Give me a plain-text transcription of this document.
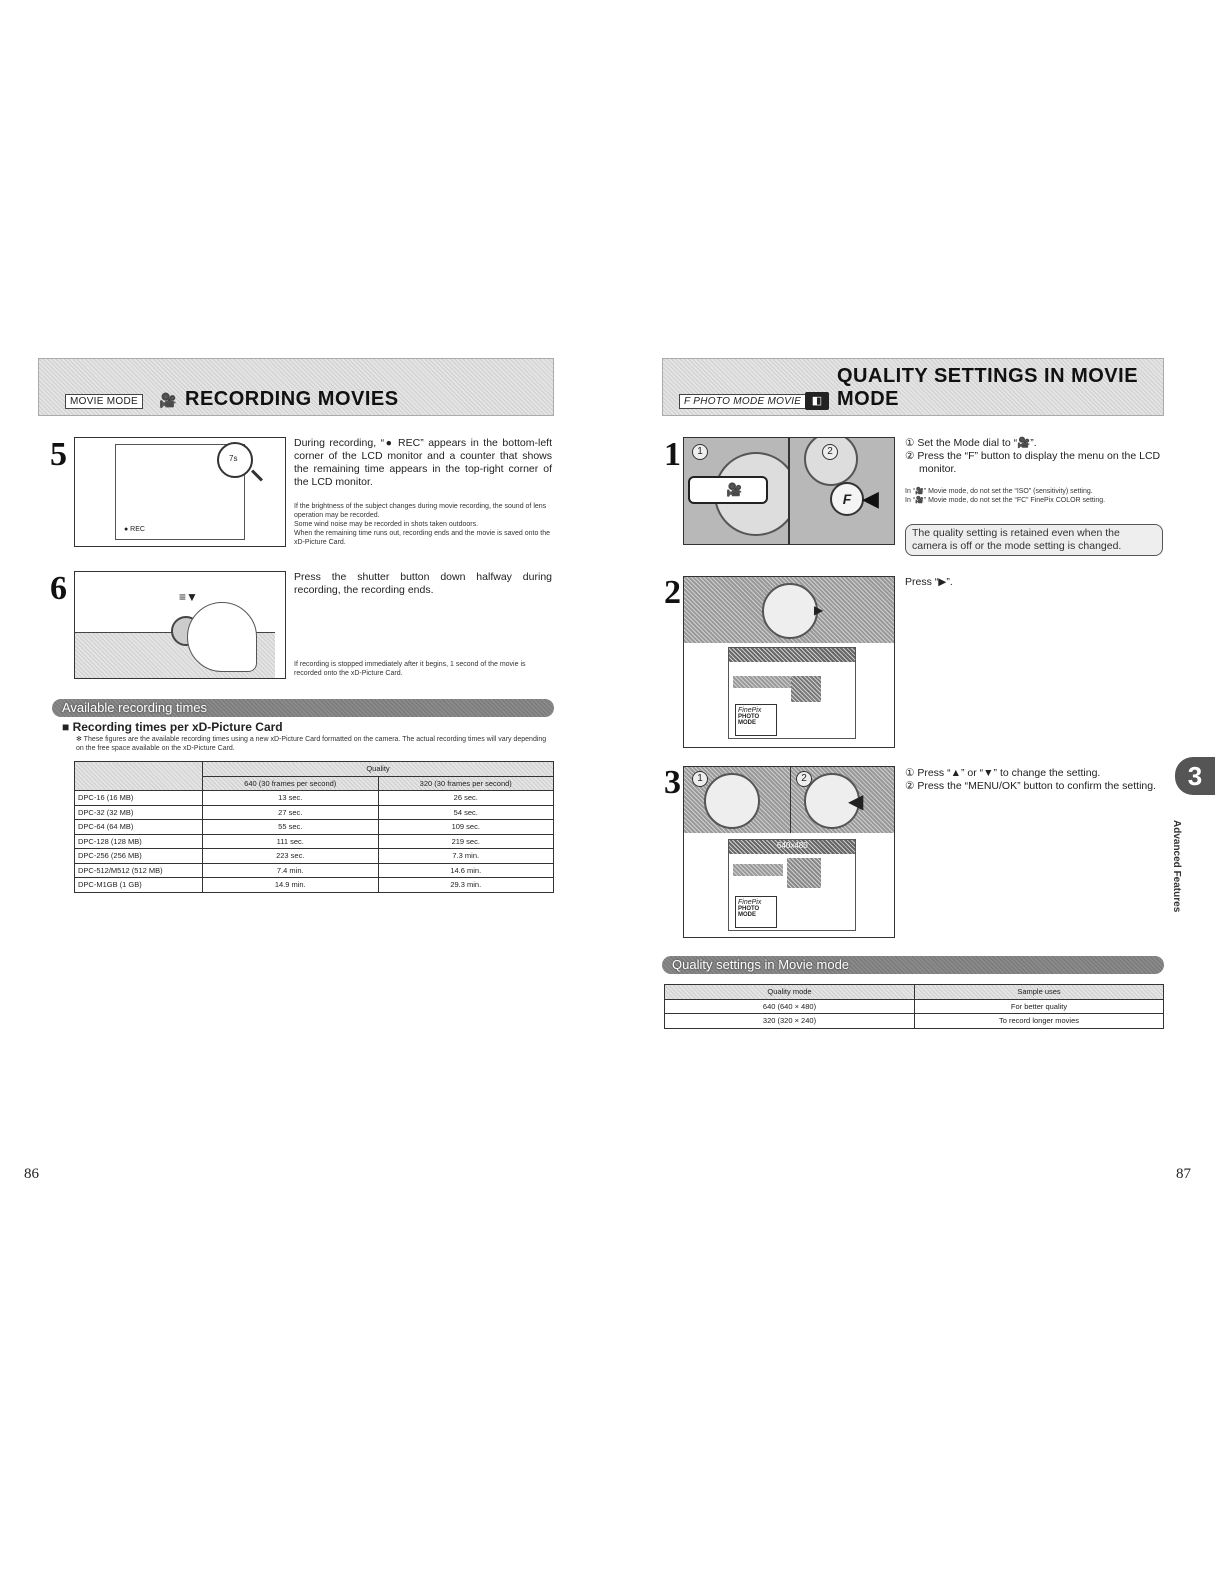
MOVIE MODE	🎥 RECORDING MOVIES
5
● REC
7s
During recording, “● REC” appears in the bottom-left corner of the LCD monitor and a counter that shows the remaining time appears in the top-right corner of the LCD monitor.
If the brightness of the subject changes during movie recording, the sound of lens operation may be recorded.
Some wind noise may be recorded in shots taken outdoors.
When the remaining time runs out, recording ends and the movie is saved onto the xD-Picture Card.
6	≡▼
Press the shutter button down halfway during recording, the recording ends.
If recording is stopped immediately after it begins, 1 second of the movie is recorded onto the xD-Picture Card.
Available recording times
■ Recording times per xD-Picture Card
✻ These figures are the available recording times using a new xD-Picture Card formatted on the camera. The actual recording times will vary depending on the free space available on the xD-Picture Card.
	Quality	
	640 (30 frames per second)	320 (30 frames per second)
DPC-16 (16 MB)	13 sec.	26 sec.
DPC-32 (32 MB)	27 sec.	54 sec.
DPC-64 (64 MB)	55 sec.	109 sec.
DPC-128 (128 MB)	111 sec.	219 sec.
DPC-256 (256 MB)	223 sec.	7.3 min.
DPC-512/M512 (512 MB)	7.4 min.	14.6 min.
DPC-M1GB (1 GB)	14.9 min.	29.3 min.
86
F PHOTO MODE MOVIE ◧
QUALITY SETTINGS IN MOVIE MODE
1
🎥
1
F ◀
2
① Set the Mode dial to “🎥”.
② Press the “F” button to display the menu on the LCD monitor.
In “🎥” Movie mode, do not set the “ISO” (sensitivity) setting.
In “🎥” Movie mode, do not set the “FC” FinePix COLOR setting.
The quality setting is retained even when the camera is off or the mode setting is changed.
2	▶
FinePix
PHOTO MODE
Press “▶”.
3
◀
1	2
640x480
FinePix
PHOTO MODE
① Press “▲” or “▼” to change the setting.
② Press the “MENU/OK” button to confirm the setting.
Quality settings in Movie mode
Quality mode	Sample uses
640 (640 × 480)	For better quality
320 (320 × 240)	To record longer movies
3
Advanced Features
87
